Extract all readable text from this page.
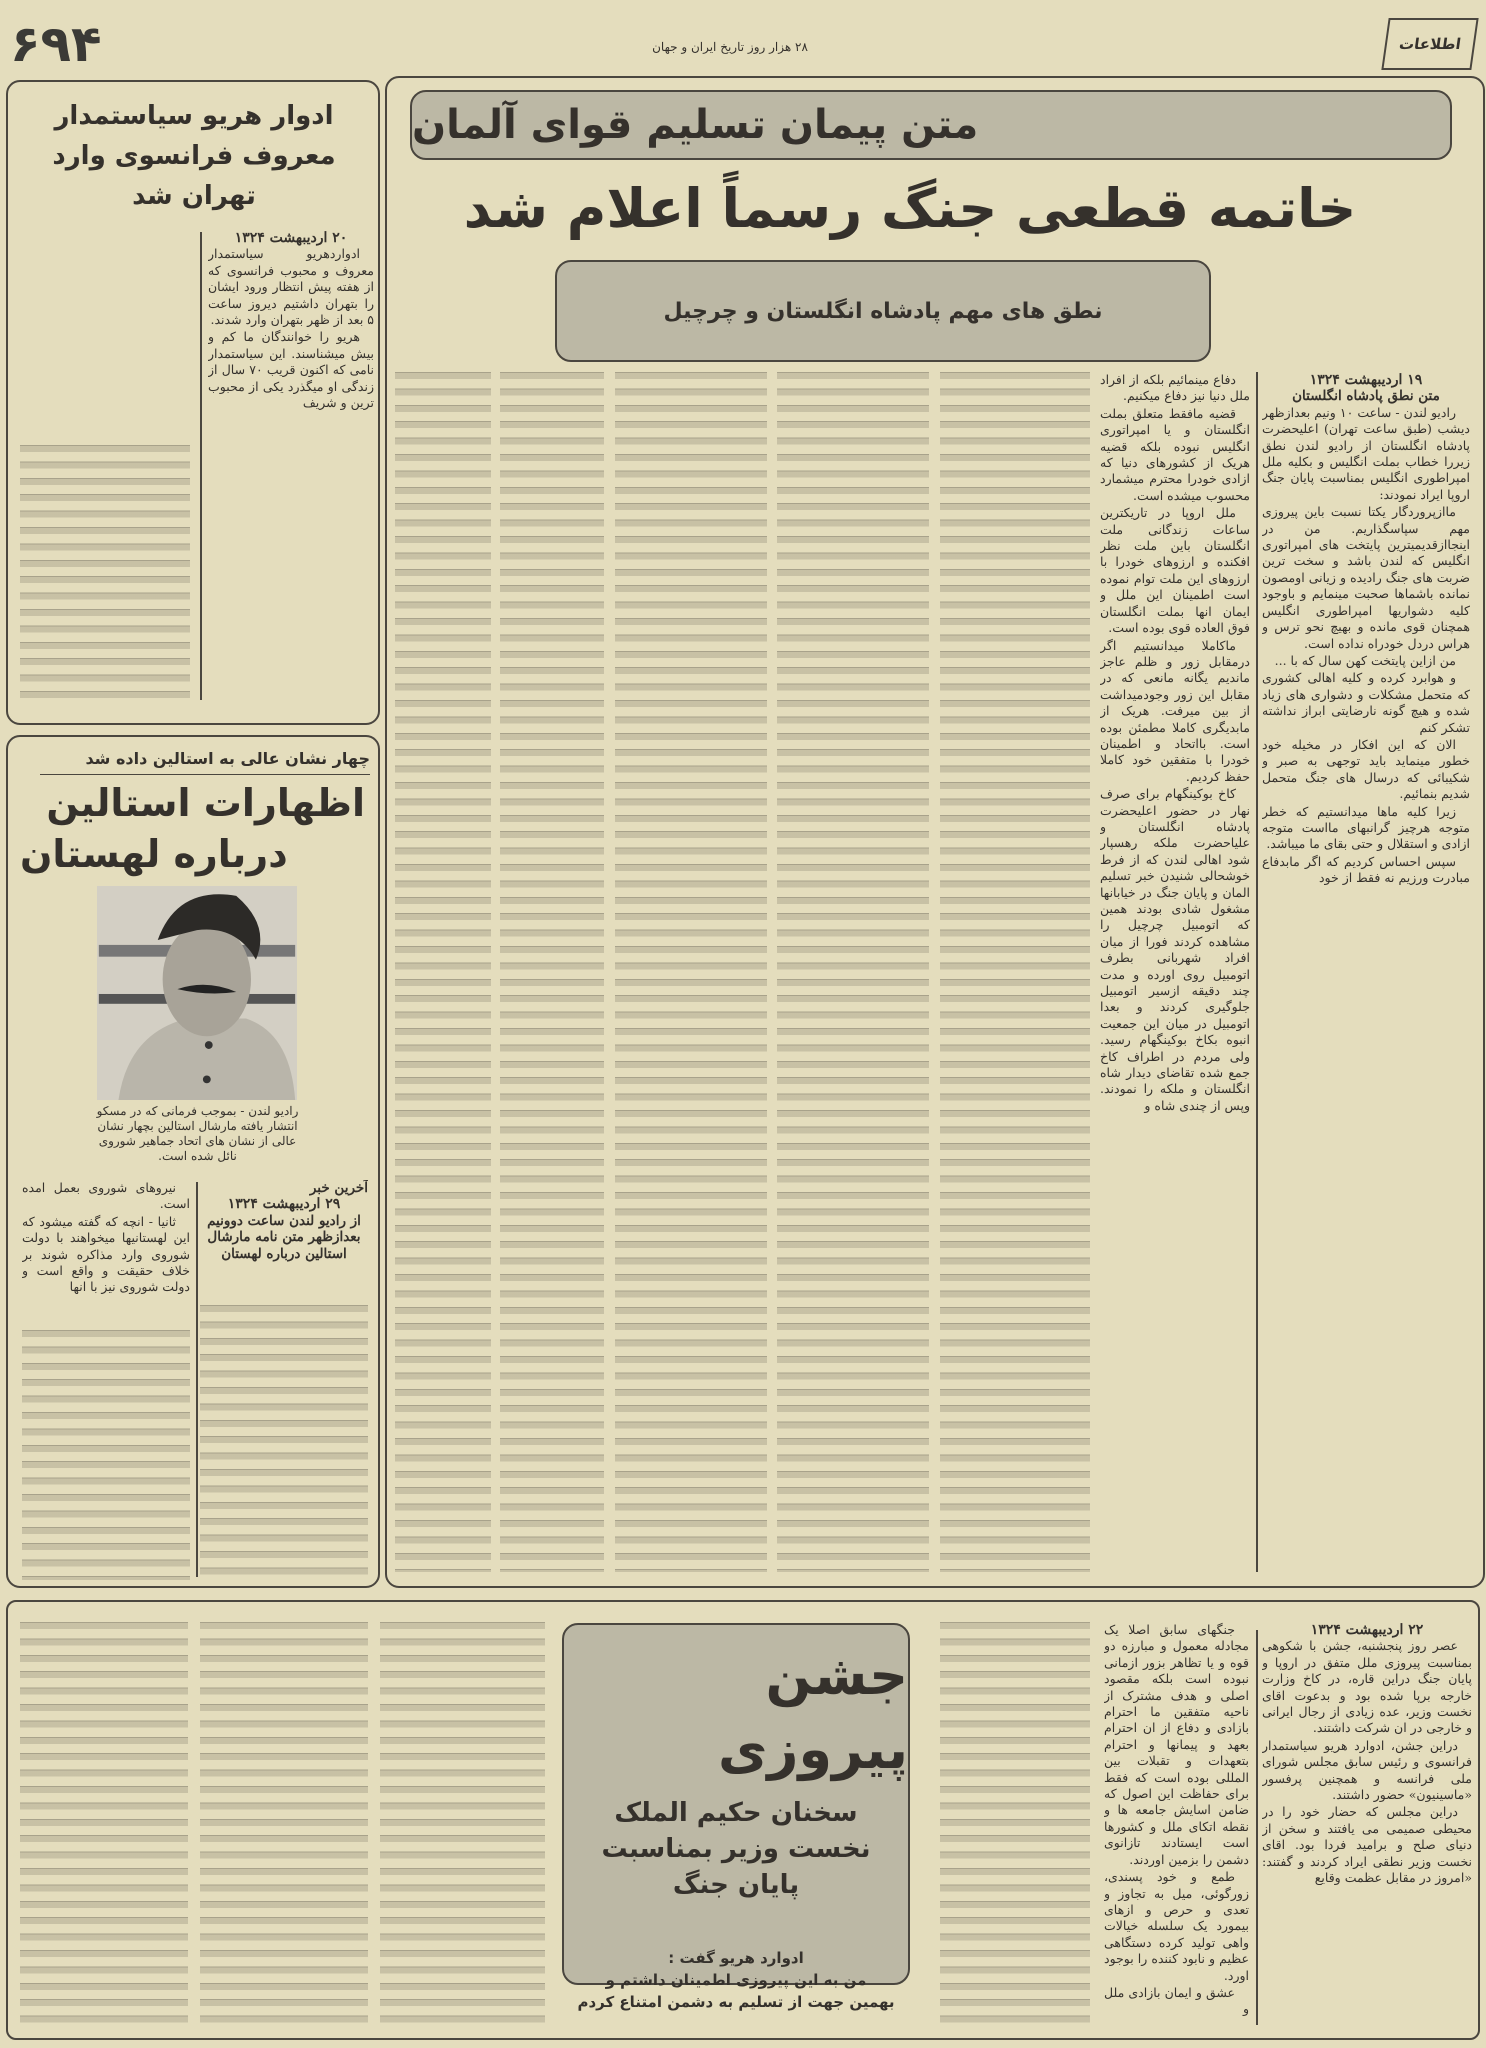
۶۹۴	۲۸ هزار روز تاریخ ایران و جهان	اطلاعات
متن پیمان تسلیم قوای آلمان
خاتمه قطعی جنگ رسماً اعلام شد
نطق های مهم پادشاه انگلستان و چرچیل
۱۹ اردیبهشت ۱۳۲۴
متن نطق پادشاه انگلستان

رادیو لندن - ساعت ۱۰ ونیم بعدازظهر دیشب (طبق ساعت تهران) اعلیحضرت پادشاه انگلستان از رادیو لندن نطق زیررا خطاب بملت انگلیس و بکلیه ملل امپراطوری انگلیس بمناسبت پایان جنگ اروپا ایراد نمودند:

ماازپروردگار یکتا نسبت باین پیروزی مهم سپاسگذاریم. من در اینجاازقدیمیترین پایتخت های امپراتوری انگلیس که لندن باشد و سخت ترین ضربت های جنگ رادیده و زیانی اومصون نمانده باشماها صحبت مینمایم و باوجود کلیه دشواریها امپراطوری انگلیس همچنان قوی مانده و بهیچ نحو ترس و هراس دردل خودراه نداده است.

من ازاین پایتخت کهن سال که با ...

و هوابرد کرده و کلیه اهالی کشوری که متحمل مشکلات و دشواری های زیاد شده و هیچ گونه نارضایتی ابراز نداشته تشکر کنم

الان که این افکار در مخیله خود خطور مینماید باید توجهی به صبر و شکیبائی که درسال های جنگ متحمل شدیم بنمائیم.

زیرا کلیه ماها میدانستیم که خطر متوجه هرچیز گرانبهای مااست متوجه ازادی و استقلال و حتی بقای ما میباشد.

سپس احساس کردیم که اگر مابدفاع مبادرت ورزیم نه فقط از خود

دفاع مینمائیم بلکه از افراد ملل دنیا نیز دفاع میکنیم.

قضیه مافقط متعلق بملت انگلستان و یا امپراتوری انگلیس نبوده بلکه قضیه هریک از کشورهای دنیا که ازادی خودرا محترم میشمارد محسوب میشده است.

ملل اروپا در تاریکترین ساعات زندگانی ملت انگلستان باین ملت نظر افکنده و ارزوهای خودرا با ارزوهای این ملت توام نموده است اطمینان این ملل و ایمان انها بملت انگلستان فوق العاده قوی بوده است.

ماکاملا میدانستیم اگر درمقابل زور و ظلم عاجز مانديم یگانه مانعی که در مقابل این زور وجودمیداشت از بین میرفت. هریک از مابدیگری کاملا مطمئن بوده است. بااتحاد و اطمینان خودرا با متفقین خود کاملا حفظ کردیم.

کاخ بوکینگهام برای صرف نهار در حضور اعلیحضرت پادشاه انگلستان و علیاحضرت ملکه رهسپار شود اهالی لندن که از فرط خوشحالی شنیدن خبر تسلیم المان و پایان جنگ در خیابانها مشغول شادی بودند همین که اتومبیل چرچیل را مشاهده کردند فورا از میان افراد شهربانی بطرف اتومبیل روی اورده و مدت چند دقیقه ازسیر اتومبیل جلوگیری کردند و بعدا اتومبیل در میان این جمعیت انبوه بکاخ بوکینگهام رسید. ولی مردم در اطراف کاخ جمع شده تقاضای دیدار شاه انگلستان و ملکه را نمودند. وپس از چندی شاه و

ادوار هریو سیاستمدار معروف فرانسوی وارد تهران شد
۲۰ اردیبهشت ۱۳۲۴

ادواردهریو سیاستمدار معروف و محبوب فرانسوی که از هفته پیش انتظار ورود ایشان را بتهران داشتیم دیروز ساعت ۵ بعد از ظهر بتهران وارد شدند.

هریو را خوانندگان ما کم و بیش میشناسند. این سیاستمدار نامی که اکنون قریب ۷۰ سال از زندگی او میگذرد یکی از محبوب ترین و شریف

چهار نشان عالی به استالین داده شد
اظهارات استالین
درباره لهستان
رادیو لندن - بموجب فرمانی که در مسکو انتشار یافته مارشال استالین بچهار نشان عالی از نشان های اتحاد جماهیر شوروی نائل شده است.
آخرین خبر
۲۹ اردیبهشت ۱۳۲۴
از رادیو لندن ساعت دوونیم بعدازظهر متن نامه مارشال استالین درباره لهستان

نیروهای شوروی بعمل امده است.

ثانیا - انچه که گفته میشود که این لهستانیها میخواهند با دولت شوروی وارد مذاکره شوند بر خلاف حقیقت و واقع است و دولت شوروی نیز با انها

۲۲ اردیبهشت ۱۳۲۴

عصر روز پنجشنبه، جشن با شکوهی بمناسبت پیروزی ملل متفق در اروپا و پایان جنگ دراین قاره، در کاخ وزارت خارجه برپا شده بود و بدعوت اقای نخست وزیر، عده زیادی از رجال ایرانی و خارجی در ان شرکت داشتند.

دراین جشن، ادوارد هریو سیاستمدار فرانسوی و رئیس سابق مجلس شورای ملی فرانسه و همچنین پرفسور «ماسینیون» حضور داشتند.

دراین مجلس که حضار خود را در محیطی صمیمی می یافتند و سخن از دنیای صلح و برامید فردا بود. اقای نخست وزیر نطقی ایراد کردند و گفتند: «امروز در مقابل عظمت وقایع

جنگهای سابق اصلا یک مجادله معمول و مبارزه دو قوه و یا تظاهر بزور ازمانی نبوده است بلکه مقصود اصلی و هدف مشترک از ناحیه متفقین ما احترام بازادی و دفاع از ان احترام بعهد و پیمانها و احترام بتعهدات و تقبلات بین المللی بوده است که فقط برای حفاظت این اصول که ضامن اسایش جامعه ها و نقطه اتکای ملل و کشورها است ایستادند تازانوی دشمن را بزمین اوردند.

طمع و خود پسندی، زورگوئی، میل به تجاوز و تعدی و حرص و ازهای بیمورد یک سلسله خیالات واهی تولید کرده دستگاهی عظیم و نابود کننده را بوجود اورد.

عشق و ایمان بازادی ملل و

جشن پیروزی
سخنان حکیم الملک
نخست وزیر بمناسبت
پایان جنگ
ادوارد هریو گفت :
من به این پیروزی اطمینان داشتم و
بهمین جهت از تسلیم به دشمن امتناع کردم
